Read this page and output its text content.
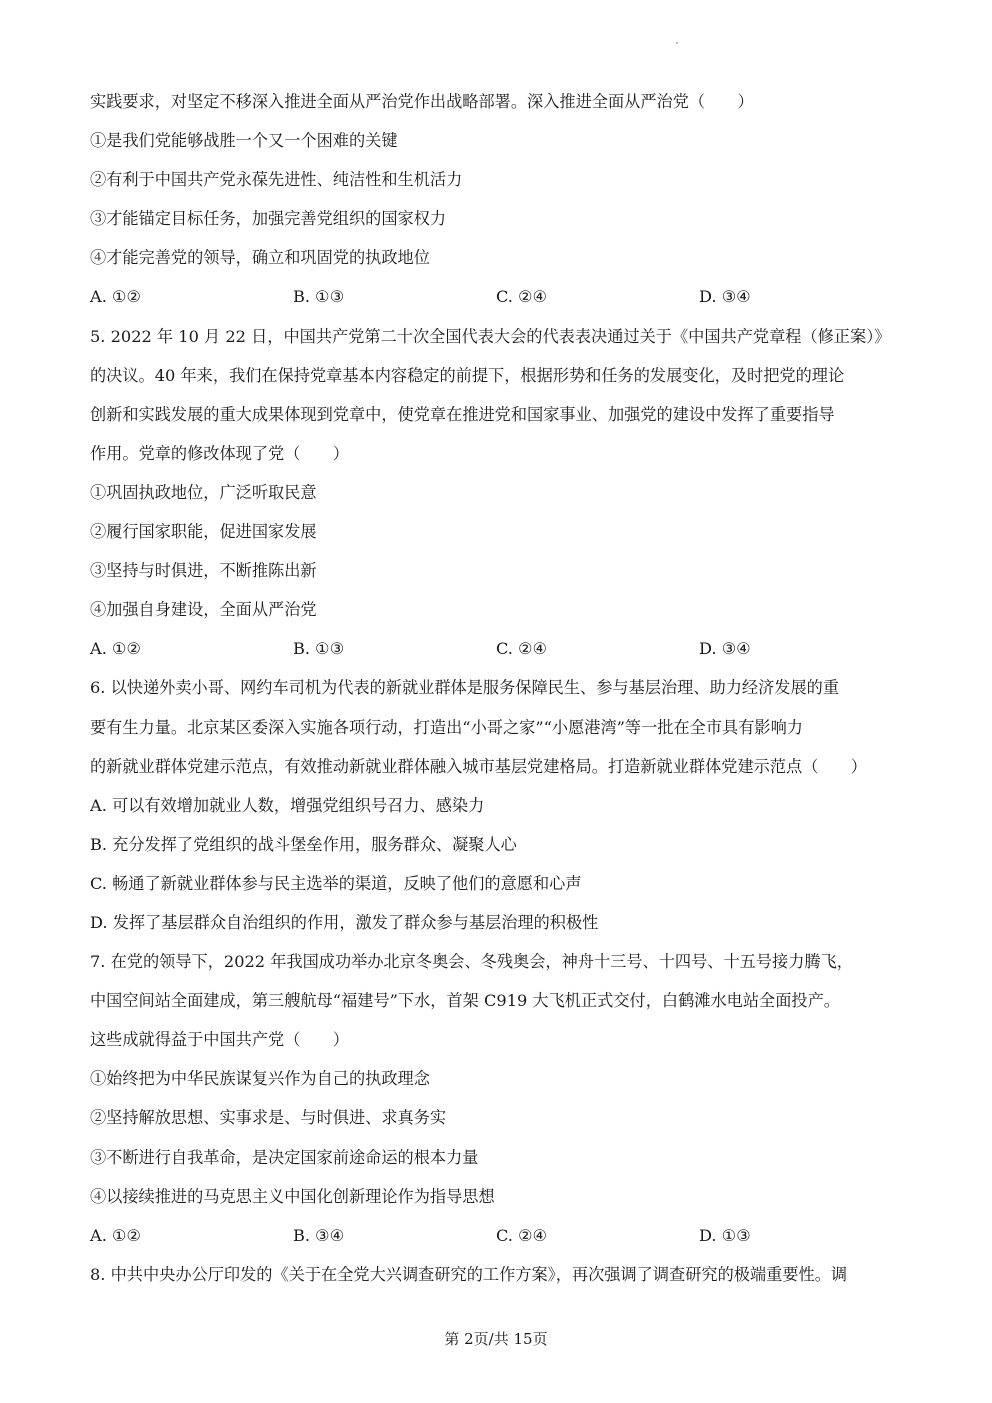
实践要求，对坚定不移深入推进全面从严治党作出战略部署。深入推进全面从严治党（　　）
①是我们党能够战胜一个又一个困难的关键
②有利于中国共产党永葆先进性、纯洁性和生机活力
③才能锚定目标任务，加强完善党组织的国家权力
④才能完善党的领导，确立和巩固党的执政地位
A. ①②	B. ①③	C. ②④	D. ③④
5. 2022 年 10 月 22 日，中国共产党第二十次全国代表大会的代表表决通过关于《中国共产党章程（修正案）》
的决议。40 年来，我们在保持党章基本内容稳定的前提下，根据形势和任务的发展变化，及时把党的理论
创新和实践发展的重大成果体现到党章中，使党章在推进党和国家事业、加强党的建设中发挥了重要指导
作用。党章的修改体现了党（　　）
①巩固执政地位，广泛听取民意
②履行国家职能，促进国家发展
③坚持与时俱进，不断推陈出新
④加强自身建设，全面从严治党
A. ①②	B. ①③	C. ②④	D. ③④
6. 以快递外卖小哥、网约车司机为代表的新就业群体是服务保障民生、参与基层治理、助力经济发展的重
要有生力量。北京某区委深入实施各项行动，打造出“小哥之家”“小愿港湾”等一批在全市具有影响力
的新就业群体党建示范点，有效推动新就业群体融入城市基层党建格局。打造新就业群体党建示范点（　　）
A. 可以有效增加就业人数，增强党组织号召力、感染力
B. 充分发挥了党组织的战斗堡垒作用，服务群众、凝聚人心
C. 畅通了新就业群体参与民主选举的渠道，反映了他们的意愿和心声
D. 发挥了基层群众自治组织的作用，激发了群众参与基层治理的积极性
7. 在党的领导下，2022 年我国成功举办北京冬奥会、冬残奥会，神舟十三号、十四号、十五号接力腾飞，
中国空间站全面建成，第三艘航母“福建号”下水，首架 C919 大飞机正式交付，白鹤滩水电站全面投产。
这些成就得益于中国共产党（　　）
①始终把为中华民族谋复兴作为自己的执政理念
②坚持解放思想、实事求是、与时俱进、求真务实
③不断进行自我革命，是决定国家前途命运的根本力量
④以接续推进的马克思主义中国化创新理论作为指导思想
A. ①②	B. ③④	C. ②④	D. ①③
8. 中共中央办公厅印发的《关于在全党大兴调查研究的工作方案》，再次强调了调查研究的极端重要性。调
第 2页/共 15页
